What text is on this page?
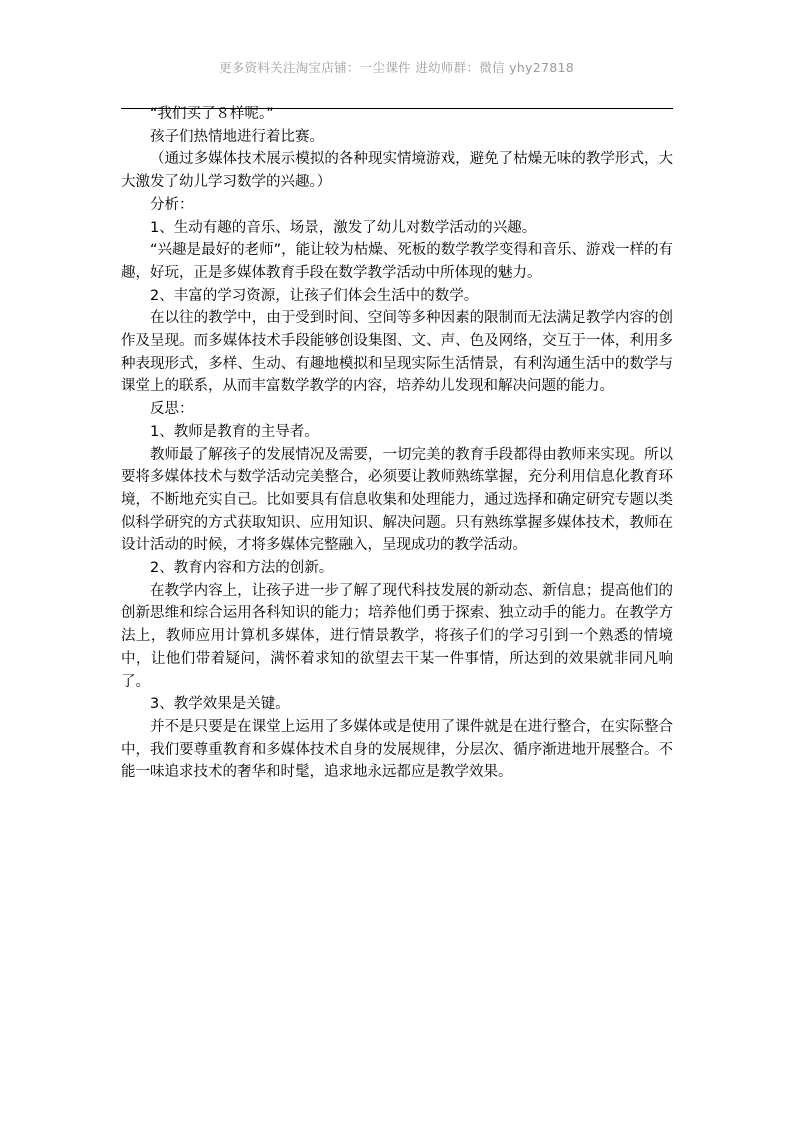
更多资料关注淘宝店铺：一尘课件 进幼师群：微信 yhy27818

“我们买了８样呢。”

孩子们热情地进行着比赛。

（通过多媒体技术展示模拟的各种现实情境游戏，避免了枯燥无味的教学形式，大大激发了幼儿学习数学的兴趣。）

分析：

1、生动有趣的音乐、场景，激发了幼儿对数学活动的兴趣。

“兴趣是最好的老师”，能让较为枯燥、死板的数学教学变得和音乐、游戏一样的有趣，好玩，正是多媒体教育手段在数学教学活动中所体现的魅力。

2、丰富的学习资源，让孩子们体会生活中的数学。

在以往的教学中，由于受到时间、空间等多种因素的限制而无法满足教学内容的创作及呈现。而多媒体技术手段能够创设集图、文、声、色及网络，交互于一体，利用多种表现形式，多样、生动、有趣地模拟和呈现实际生活情景，有利沟通生活中的数学与课堂上的联系，从而丰富数学教学的内容，培养幼儿发现和解决问题的能力。

反思：

1、教师是教育的主导者。

教师最了解孩子的发展情况及需要，一切完美的教育手段都得由教师来实现。所以要将多媒体技术与数学活动完美整合，必须要让教师熟练掌握，充分利用信息化教育环境，不断地充实自己。比如要具有信息收集和处理能力，通过选择和确定研究专题以类似科学研究的方式获取知识、应用知识、解决问题。只有熟练掌握多媒体技术，教师在设计活动的时候，才将多媒体完整融入，呈现成功的教学活动。

2、教育内容和方法的创新。

在教学内容上，让孩子进一步了解了现代科技发展的新动态、新信息；提高他们的创新思维和综合运用各科知识的能力；培养他们勇于探索、独立动手的能力。在教学方法上，教师应用计算机多媒体，进行情景教学，将孩子们的学习引到一个熟悉的情境中，让他们带着疑问，满怀着求知的欲望去干某一件事情，所达到的效果就非同凡响了。

3、教学效果是关键。

并不是只要是在课堂上运用了多媒体或是使用了课件就是在进行整合，在实际整合中，我们要尊重教育和多媒体技术自身的发展规律，分层次、循序渐进地开展整合。不能一味追求技术的奢华和时髦，追求地永远都应是教学效果。
